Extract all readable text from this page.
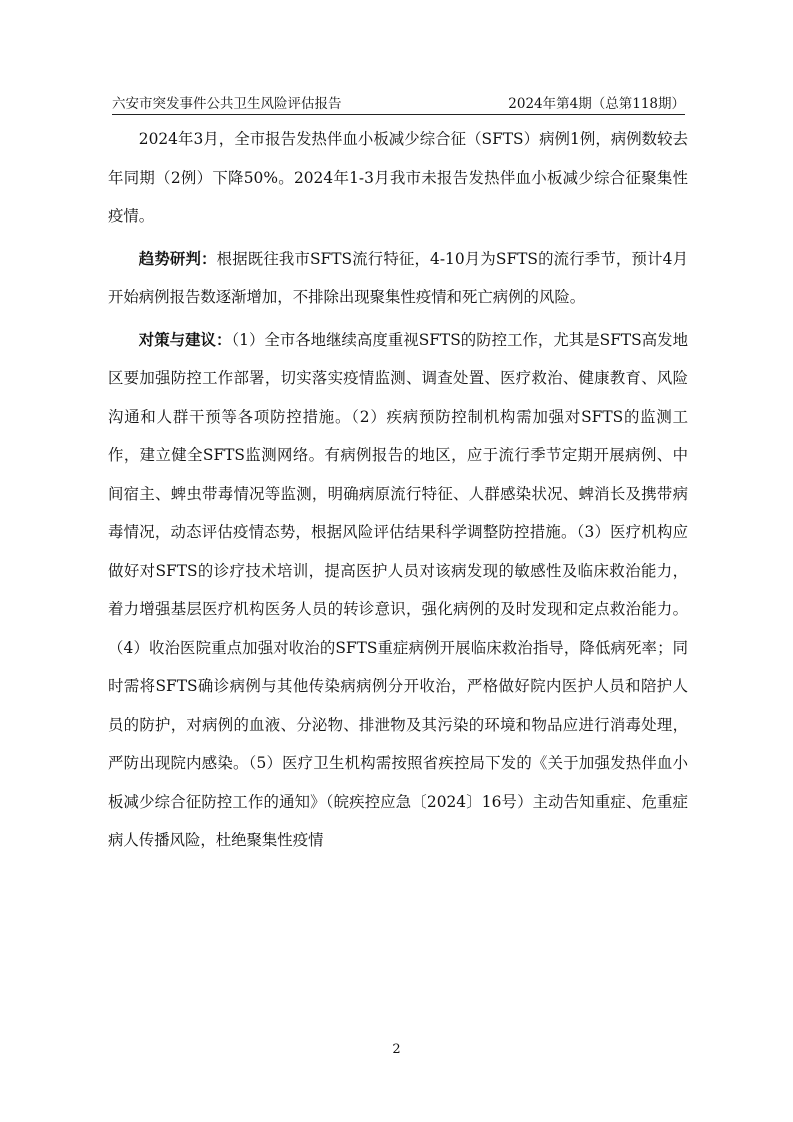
六安市突发事件公共卫生风险评估报告	2024年第4期（总第118期）

2024年3月，全市报告发热伴血小板减少综合征（SFTS）病例1例，病例数较去年同期（2例）下降50%。2024年1-3月我市未报告发热伴血小板减少综合征聚集性疫情。

趋势研判：根据既往我市SFTS流行特征，4-10月为SFTS的流行季节，预计4月开始病例报告数逐渐增加，不排除出现聚集性疫情和死亡病例的风险。

对策与建议：（1）全市各地继续高度重视SFTS的防控工作，尤其是SFTS高发地区要加强防控工作部署，切实落实疫情监测、调查处置、医疗救治、健康教育、风险沟通和人群干预等各项防控措施。（2）疾病预防控制机构需加强对SFTS的监测工作，建立健全SFTS监测网络。有病例报告的地区，应于流行季节定期开展病例、中间宿主、蜱虫带毒情况等监测，明确病原流行特征、人群感染状况、蜱消长及携带病毒情况，动态评估疫情态势，根据风险评估结果科学调整防控措施。（3）医疗机构应做好对SFTS的诊疗技术培训，提高医护人员对该病发现的敏感性及临床救治能力，着力增强基层医疗机构医务人员的转诊意识，强化病例的及时发现和定点救治能力。（4）收治医院重点加强对收治的SFTS重症病例开展临床救治指导，降低病死率；同时需将SFTS确诊病例与其他传染病病例分开收治，严格做好院内医护人员和陪护人员的防护，对病例的血液、分泌物、排泄物及其污染的环境和物品应进行消毒处理，严防出现院内感染。（5）医疗卫生机构需按照省疾控局下发的《关于加强发热伴血小板减少综合征防控工作的通知》（皖疾控应急〔2024〕16号）主动告知重症、危重症病人传播风险，杜绝聚集性疫情

2
